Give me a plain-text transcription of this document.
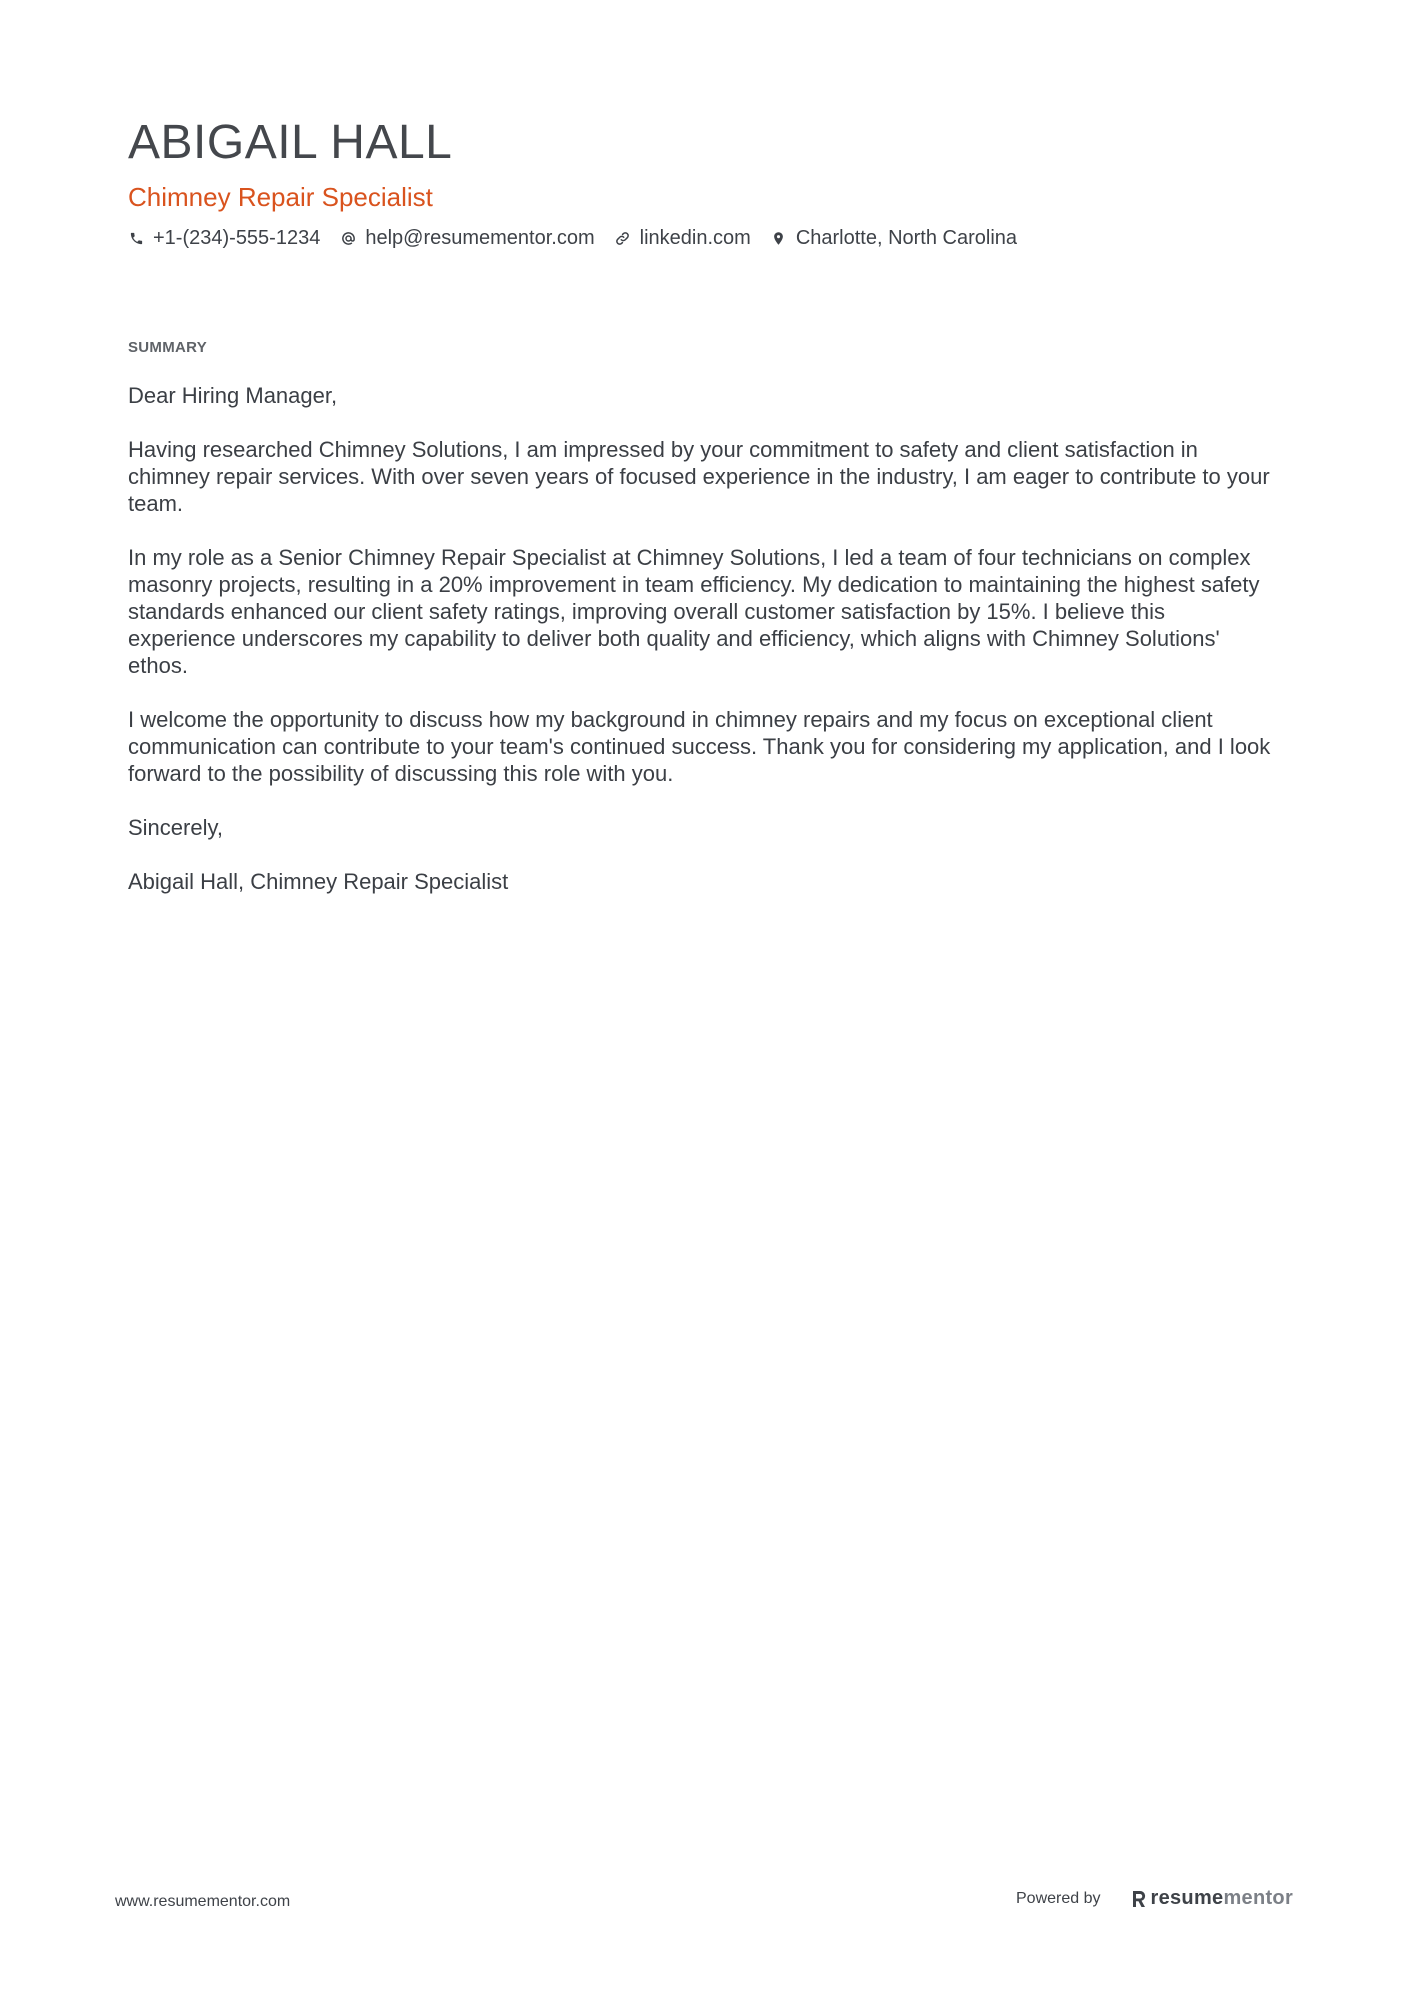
ABIGAIL HALL
Chimney Repair Specialist
+1-(234)-555-1234 help@resumementor.com linkedin.com Charlotte, North Carolina
SUMMARY

Dear Hiring Manager,

Having researched Chimney Solutions, I am impressed by your commitment to safety and client satisfaction in chimney repair services. With over seven years of focused experience in the industry, I am eager to contribute to your team.

In my role as a Senior Chimney Repair Specialist at Chimney Solutions, I led a team of four technicians on complex masonry projects, resulting in a 20% improvement in team efficiency. My dedication to maintaining the highest safety standards enhanced our client safety ratings, improving overall customer satisfaction by 15%. I believe this experience underscores my capability to deliver both quality and efficiency, which aligns with Chimney Solutions' ethos.

I welcome the opportunity to discuss how my background in chimney repairs and my focus on exceptional client communication can contribute to your team's continued success. Thank you for considering my application, and I look forward to the possibility of discussing this role with you.

Sincerely,

Abigail Hall, Chimney Repair Specialist

www.resumementor.com	Powered by	resume mentor
